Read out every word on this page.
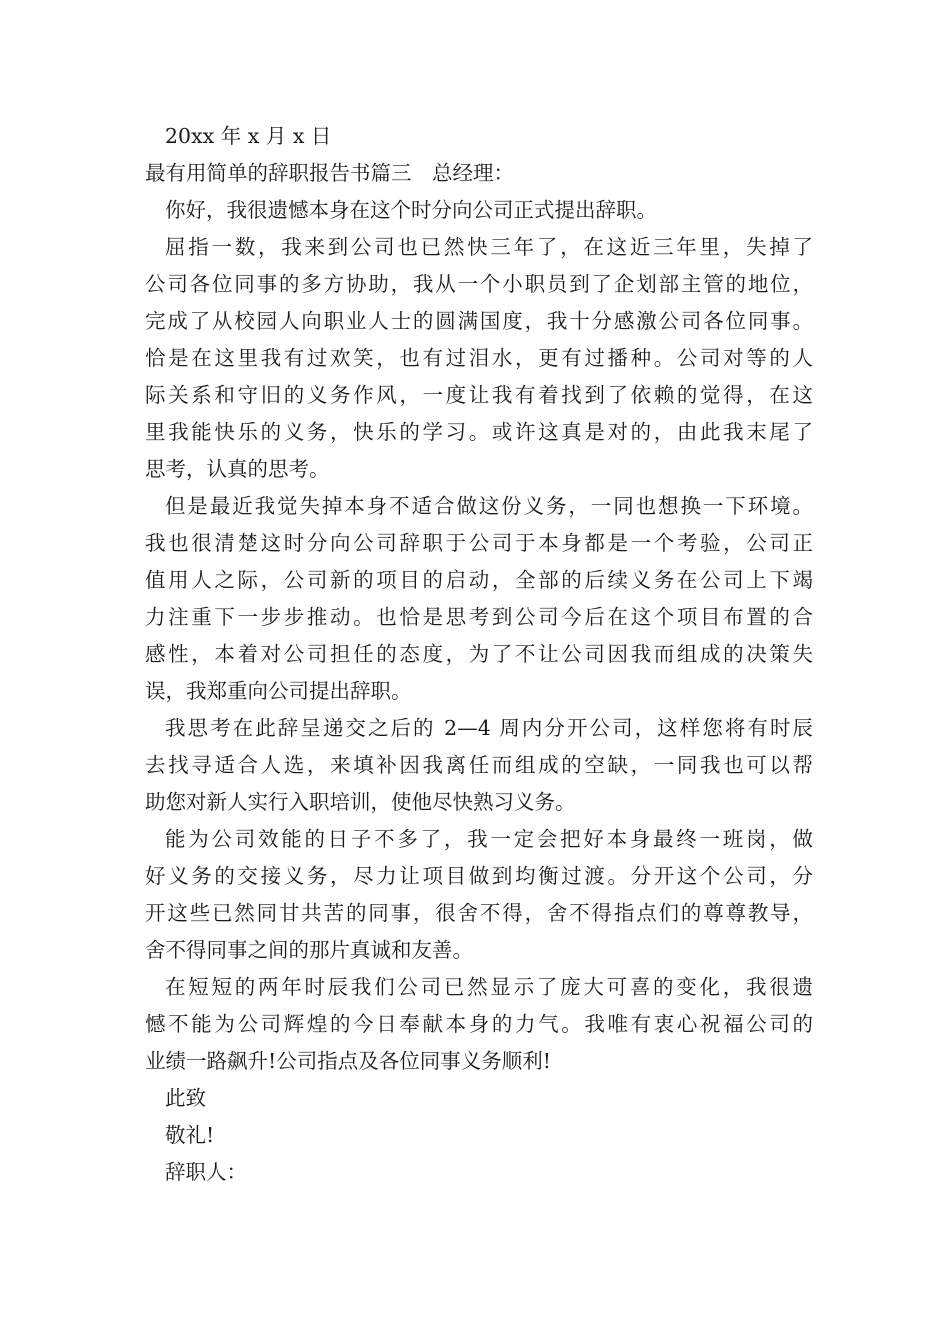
20xx 年 x 月 x 日
最有用简单的辞职报告书篇三　总经理：
你好，我很遗憾本身在这个时分向公司正式提出辞职。
屈指一数，我来到公司也已然快三年了，在这近三年里，失掉了
公司各位同事的多方协助，我从一个小职员到了企划部主管的地位，
完成了从校园人向职业人士的圆满国度，我十分感激公司各位同事。
恰是在这里我有过欢笑，也有过泪水，更有过播种。公司对等的人
际关系和守旧的义务作风，一度让我有着找到了依赖的觉得，在这
里我能快乐的义务，快乐的学习。或许这真是对的，由此我末尾了
思考，认真的思考。
但是最近我觉失掉本身不适合做这份义务，一同也想换一下环境。
我也很清楚这时分向公司辞职于公司于本身都是一个考验，公司正
值用人之际，公司新的项目的启动，全部的后续义务在公司上下竭
力注重下一步步推动。也恰是思考到公司今后在这个项目布置的合
感性，本着对公司担任的态度，为了不让公司因我而组成的决策失
误，我郑重向公司提出辞职。
我思考在此辞呈递交之后的 2—4 周内分开公司，这样您将有时辰
去找寻适合人选，来填补因我离任而组成的空缺，一同我也可以帮
助您对新人实行入职培训，使他尽快熟习义务。
能为公司效能的日子不多了，我一定会把好本身最终一班岗，做
好义务的交接义务，尽力让项目做到均衡过渡。分开这个公司，分
开这些已然同甘共苦的同事，很舍不得，舍不得指点们的尊尊教导，
舍不得同事之间的那片真诚和友善。
在短短的两年时辰我们公司已然显示了庞大可喜的变化，我很遗
憾不能为公司辉煌的今日奉献本身的力气。我唯有衷心祝福公司的
业绩一路飙升!公司指点及各位同事义务顺利!
此致
敬礼!
辞职人：
